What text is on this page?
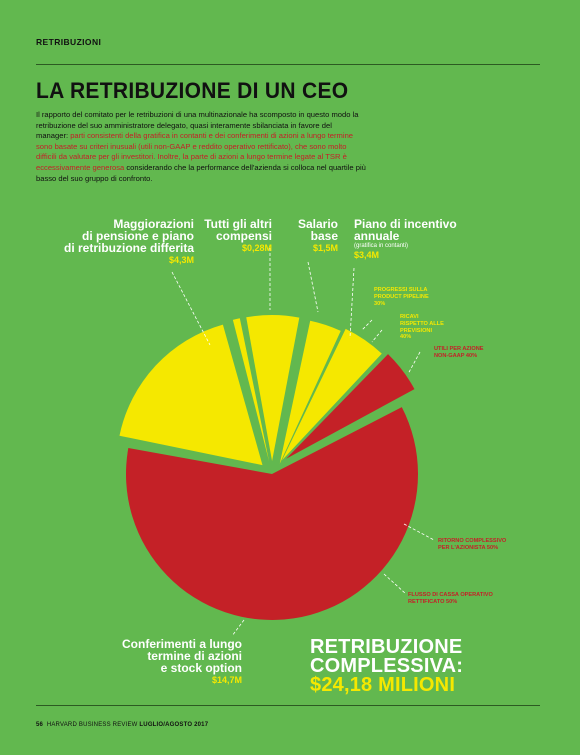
RETRIBUZIONI
LA RETRIBUZIONE DI UN CEO
Il rapporto del comitato per le retribuzioni di una multinazionale ha scomposto in questo modo la retribuzione del suo amministratore delegato, quasi interamente sbilanciata in favore del manager: parti consistenti della gratifica in contanti e dei conferimenti di azioni a lungo termine sono basate su criteri inusuali (utili non-GAAP e reddito operativo rettificato), che sono molto difficili da valutare per gli investitori. Inoltre, la parte di azioni a lungo termine legate al TSR è eccessivamente generosa considerando che la performance dell'azienda si colloca nel quartile più basso del suo gruppo di confronto.
Maggiorazioni
di pensione e piano
di retribuzione differita
$4,3M
Tutti gli altri
compensi
$0,28M
Salario
base
$1,5M
Piano di incentivo
annuale
(gratifica in contanti)
$3,4M
Conferimenti a lungo
termine di azioni
e stock option
$14,7M
PROGRESSI SULLA
PRODUCT PIPELINE
30%
RICAVI
RISPETTO ALLE
PREVISIONI
40%
UTILI PER AZIONE
NON-GAAP 40%
RITORNO COMPLESSIVO
PER L'AZIONISTA 50%
FLUSSO DI CASSA OPERATIVO
RETTIFICATO 50%
RETRIBUZIONE
COMPLESSIVA:
$24,18 MILIONI
56 HARVARD BUSINESS REVIEW LUGLIO/AGOSTO 2017
